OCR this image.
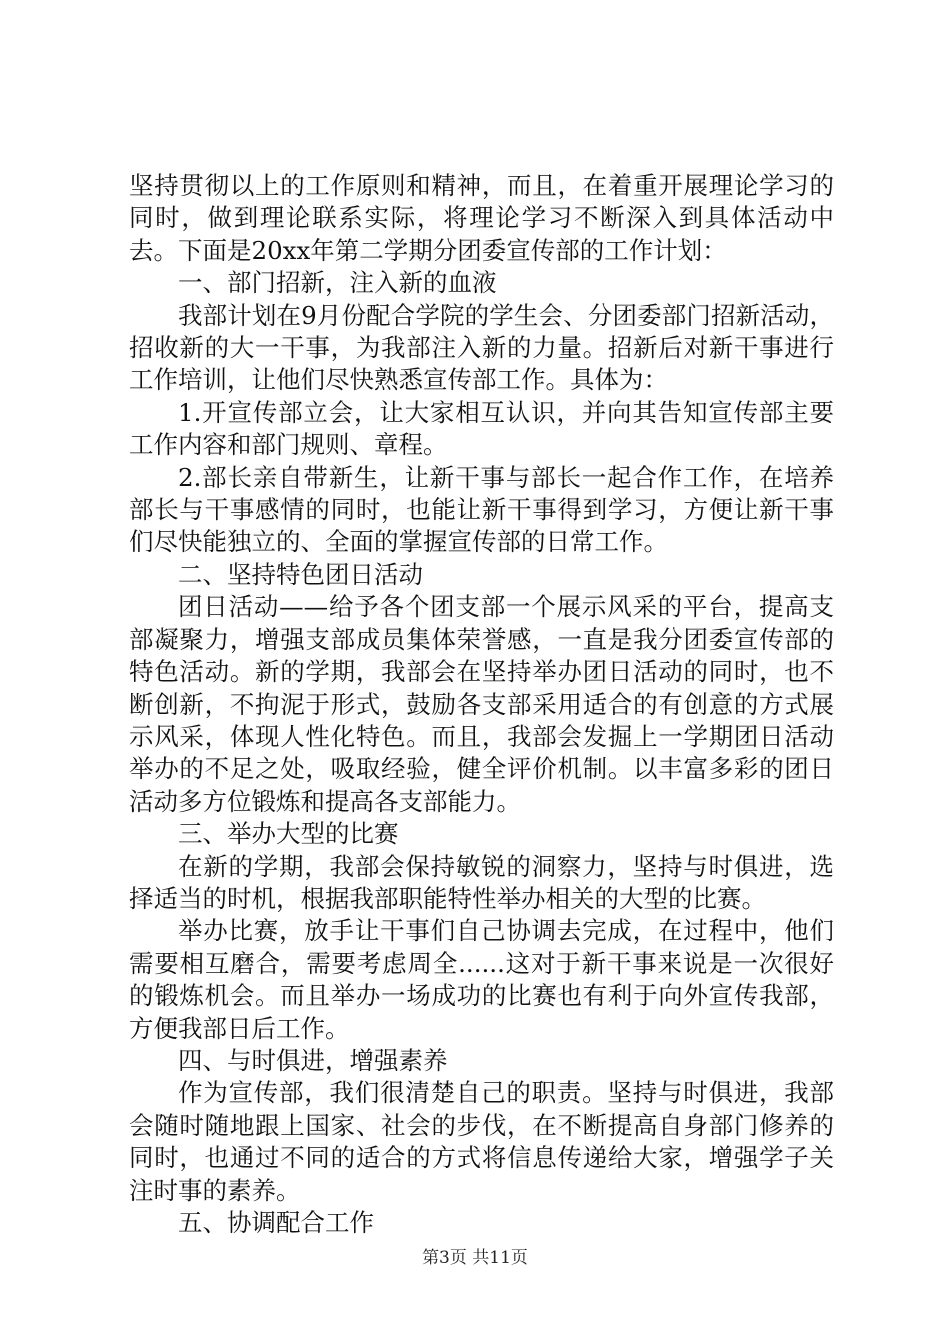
坚持贯彻以上的工作原则和精神，而且，在着重开展理论学习的同时，做到理论联系实际，将理论学习不断深入到具体活动中去。下面是20xx年第二学期分团委宣传部的工作计划：

一、部门招新，注入新的血液

我部计划在9月份配合学院的学生会、分团委部门招新活动，招收新的大一干事，为我部注入新的力量。招新后对新干事进行工作培训，让他们尽快熟悉宣传部工作。具体为：

1.开宣传部立会，让大家相互认识，并向其告知宣传部主要工作内容和部门规则、章程。

2.部长亲自带新生，让新干事与部长一起合作工作，在培养部长与干事感情的同时，也能让新干事得到学习，方便让新干事们尽快能独立的、全面的掌握宣传部的日常工作。

二、坚持特色团日活动

团日活动——给予各个团支部一个展示风采的平台，提高支部凝聚力，增强支部成员集体荣誉感，一直是我分团委宣传部的特色活动。新的学期，我部会在坚持举办团日活动的同时，也不断创新，不拘泥于形式，鼓励各支部采用适合的有创意的方式展示风采，体现人性化特色。而且，我部会发掘上一学期团日活动举办的不足之处，吸取经验，健全评价机制。以丰富多彩的团日活动多方位锻炼和提高各支部能力。

三、举办大型的比赛

在新的学期，我部会保持敏锐的洞察力，坚持与时俱进，选择适当的时机，根据我部职能特性举办相关的大型的比赛。

举办比赛，放手让干事们自己协调去完成，在过程中，他们需要相互磨合，需要考虑周全......这对于新干事来说是一次很好的锻炼机会。而且举办一场成功的比赛也有利于向外宣传我部，方便我部日后工作。

四、与时俱进，增强素养

作为宣传部，我们很清楚自己的职责。坚持与时俱进，我部会随时随地跟上国家、社会的步伐，在不断提高自身部门修养的同时，也通过不同的适合的方式将信息传递给大家，增强学子关注时事的素养。

五、协调配合工作

第3页 共11页
